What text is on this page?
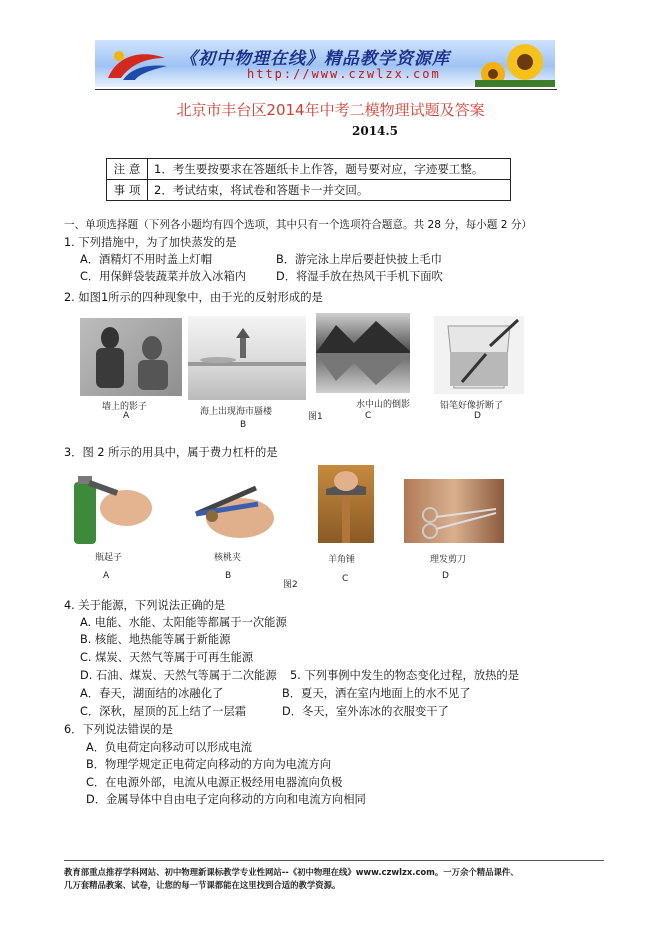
《初中物理在线》精品教学资源库
http://www.czwlzx.com
北京市丰台区2014年中考二模物理试题及答案
2014.5
注 意	1．考生要按要求在答题纸卡上作答，题号要对应，字迹要工整。
事 项	2．考试结束，将试卷和答题卡一并交回。
一、单项选择题（下列各小题均有四个选项，其中只有一个选项符合题意。共 28 分，每小题 2 分）
1. 下列措施中，为了加快蒸发的是
A．酒精灯不用时盖上灯帽	B．游完泳上岸后要赶快披上毛巾
C．用保鲜袋装蔬菜并放入冰箱内	D．将湿手放在热风干手机下面吹
2. 如图1所示的四种现象中，由于光的反射形成的是
墙上的影子
A	海上出现海市蜃楼
B
图1
水中山的倒影
C
铅笔好像折断了
D
3．图 2 所示的用具中，属于费力杠杆的是
瓶起子
A
核桃夹
B
羊角锤
图2
C
理发剪刀
D
4. 关于能源，下列说法正确的是
A. 电能、水能、太阳能等都属于一次能源
B. 核能、地热能等属于新能源
C. 煤炭、天然气等属于可再生能源
D. 石油、煤炭、天然气等属于二次能源 5. 下列事例中发生的物态变化过程，放热的是
A．春天，湖面结的冰融化了	B．夏天，洒在室内地面上的水不见了
C．深秋，屋顶的瓦上结了一层霜	D．冬天，室外冻冰的衣服变干了
6．下列说法错误的是
A．负电荷定向移动可以形成电流
B．物理学规定正电荷定向移动的方向为电流方向
C．在电源外部，电流从电源正极经用电器流向负极
D．金属导体中自由电子定向移动的方向和电流方向相同
教育部重点推荐学科网站、初中物理新课标教学专业性网站--《初中物理在线》www.czwlzx.com。一万余个精品课件、
几万套精品教案、试卷，让您的每一节课都能在这里找到合适的教学资源。
